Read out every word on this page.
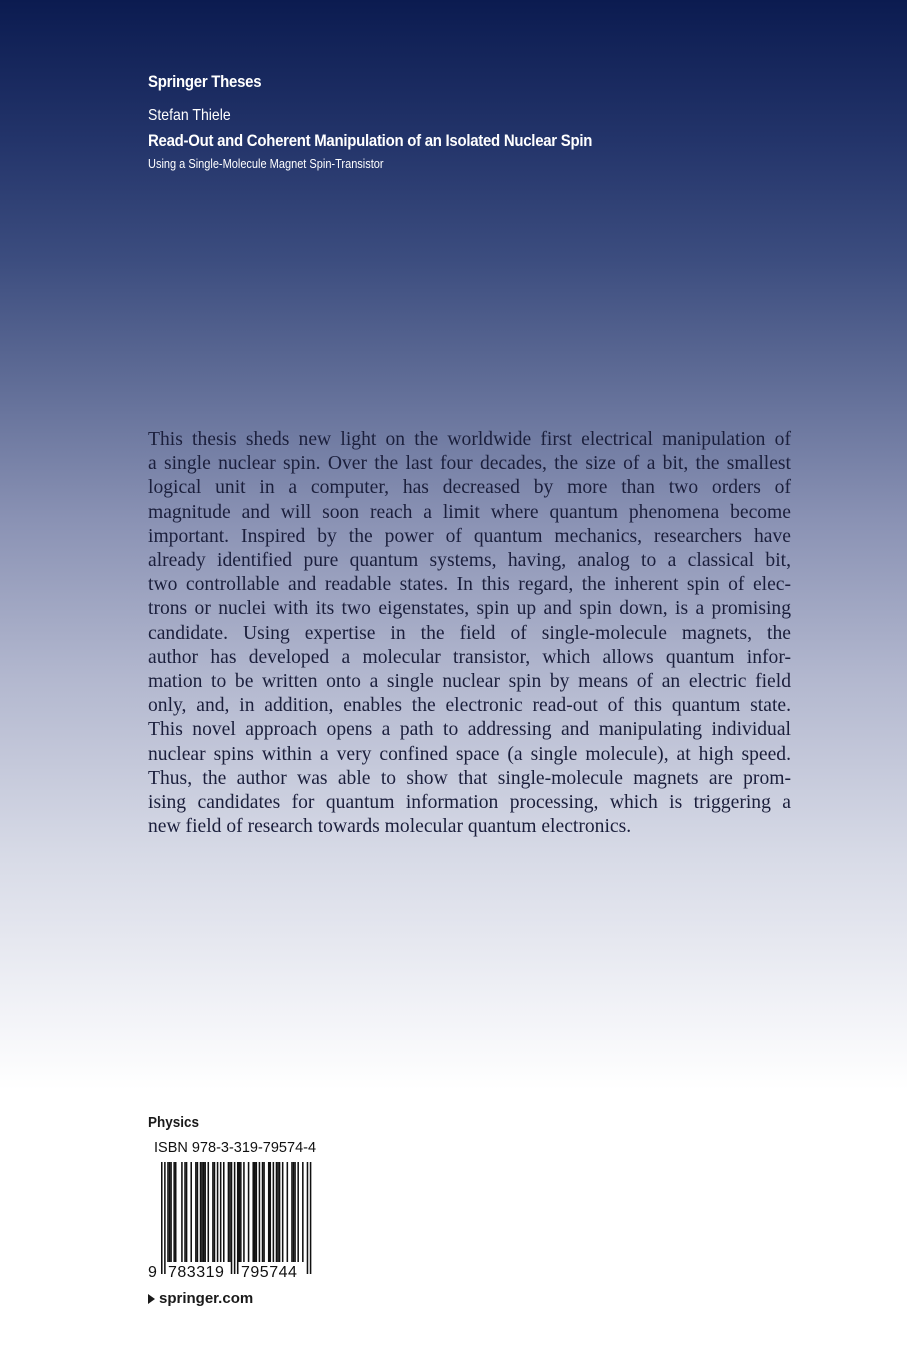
Springer Theses
Stefan Thiele
Read-Out and Coherent Manipulation of an Isolated Nuclear Spin
Using a Single-Molecule Magnet Spin-Transistor

This thesis sheds new light on the worldwide first electrical manipulation of
a single nuclear spin. Over the last four decades, the size of a bit, the smallest
logical unit in a computer, has decreased by more than two orders of
magnitude and will soon reach a limit where quantum phenomena become
important. Inspired by the power of quantum mechanics, researchers have
already identified pure quantum systems, having, analog to a classical bit,
two controllable and readable states. In this regard, the inherent spin of elec-
trons or nuclei with its two eigenstates, spin up and spin down, is a promising
candidate. Using expertise in the field of single-molecule magnets, the
author has developed a molecular transistor, which allows quantum infor-
mation to be written onto a single nuclear spin by means of an electric field
only, and, in addition, enables the electronic read-out of this quantum state.
This novel approach opens a path to addressing and manipulating individual
nuclear spins within a very confined space (a single molecule), at high speed.
Thus, the author was able to show that single-molecule magnets are prom-
ising candidates for quantum information processing, which is triggering a
new field of research towards molecular quantum electronics.

Physics
ISBN 978-3-319-79574-4
9 783319 795744
springer.com
